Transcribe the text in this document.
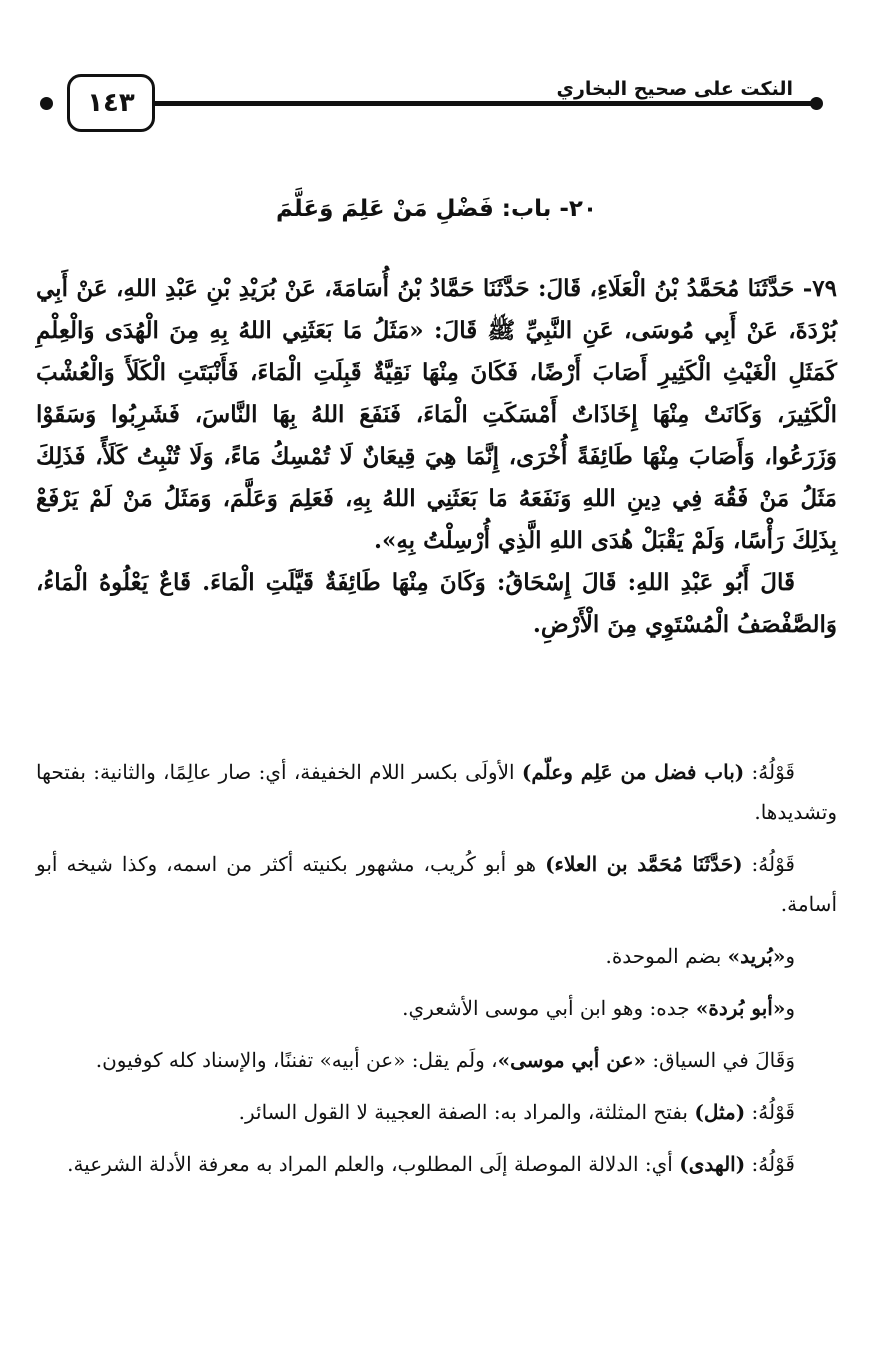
النكت على صحيح البخاري
١٤٣
٢٠- باب: فَضْلِ مَنْ عَلِمَ وَعَلَّمَ

٧٩- حَدَّثَنَا مُحَمَّدُ بْنُ الْعَلَاءِ، قَالَ: حَدَّثَنَا حَمَّادُ بْنُ أُسَامَةَ، عَنْ بُرَيْدِ بْنِ عَبْدِ اللهِ، عَنْ أَبِي بُرْدَةَ، عَنْ أَبِي مُوسَى، عَنِ النَّبِيِّ ﷺ قَالَ: «مَثَلُ مَا بَعَثَنِي اللهُ بِهِ مِنَ الْهُدَى وَالْعِلْمِ كَمَثَلِ الْغَيْثِ الْكَثِيرِ أَصَابَ أَرْضًا، فَكَانَ مِنْهَا نَقِيَّةٌ قَبِلَتِ الْمَاءَ، فَأَنْبَتَتِ الْكَلَأَ وَالْعُشْبَ الْكَثِيرَ، وَكَانَتْ مِنْهَا إِخَاذَاتٌ أَمْسَكَتِ الْمَاءَ، فَنَفَعَ اللهُ بِهَا النَّاسَ، فَشَرِبُوا وَسَقَوْا وَزَرَعُوا، وَأَصَابَ مِنْهَا طَائِفَةً أُخْرَى، إِنَّمَا هِيَ قِيعَانٌ لَا تُمْسِكُ مَاءً، وَلَا تُنْبِتُ كَلَأً، فَذَلِكَ مَثَلُ مَنْ فَقُهَ فِي دِينِ اللهِ وَنَفَعَهُ مَا بَعَثَنِي اللهُ بِهِ، فَعَلِمَ وَعَلَّمَ، وَمَثَلُ مَنْ لَمْ يَرْفَعْ بِذَلِكَ رَأْسًا، وَلَمْ يَقْبَلْ هُدَى اللهِ الَّذِي أُرْسِلْتُ بِهِ».

قَالَ أَبُو عَبْدِ اللهِ: قَالَ إِسْحَاقُ: وَكَانَ مِنْهَا طَائِفَةٌ قَيَّلَتِ الْمَاءَ. قَاعٌ يَعْلُوهُ الْمَاءُ، وَالصَّفْصَفُ الْمُسْتَوِي مِنَ الْأَرْضِ.

قَوْلُهُ: (باب فضل من عَلِم وعلّم) الأولَى بكسر اللام الخفيفة، أي: صار عالِمًا، والثانية: بفتحها وتشديدها.

قَوْلُهُ: (حَدَّثَنَا مُحَمَّد بن العلاء) هو أبو كُريب، مشهور بكنيته أكثر من اسمه، وكذا شيخه أبو أسامة.

و«بُريد» بضم الموحدة.

و«أبو بُردة» جده: وهو ابن أبي موسى الأشعري.

وَقَالَ في السياق: «عن أبي موسى»، ولَم يقل: «عن أبيه» تفننًا، والإسناد كله كوفيون.

قَوْلُهُ: (مثل) بفتح المثلثة، والمراد به: الصفة العجيبة لا القول السائر.

قَوْلُهُ: (الهدى) أي: الدلالة الموصلة إلَى المطلوب، والعلم المراد به معرفة الأدلة الشرعية.
